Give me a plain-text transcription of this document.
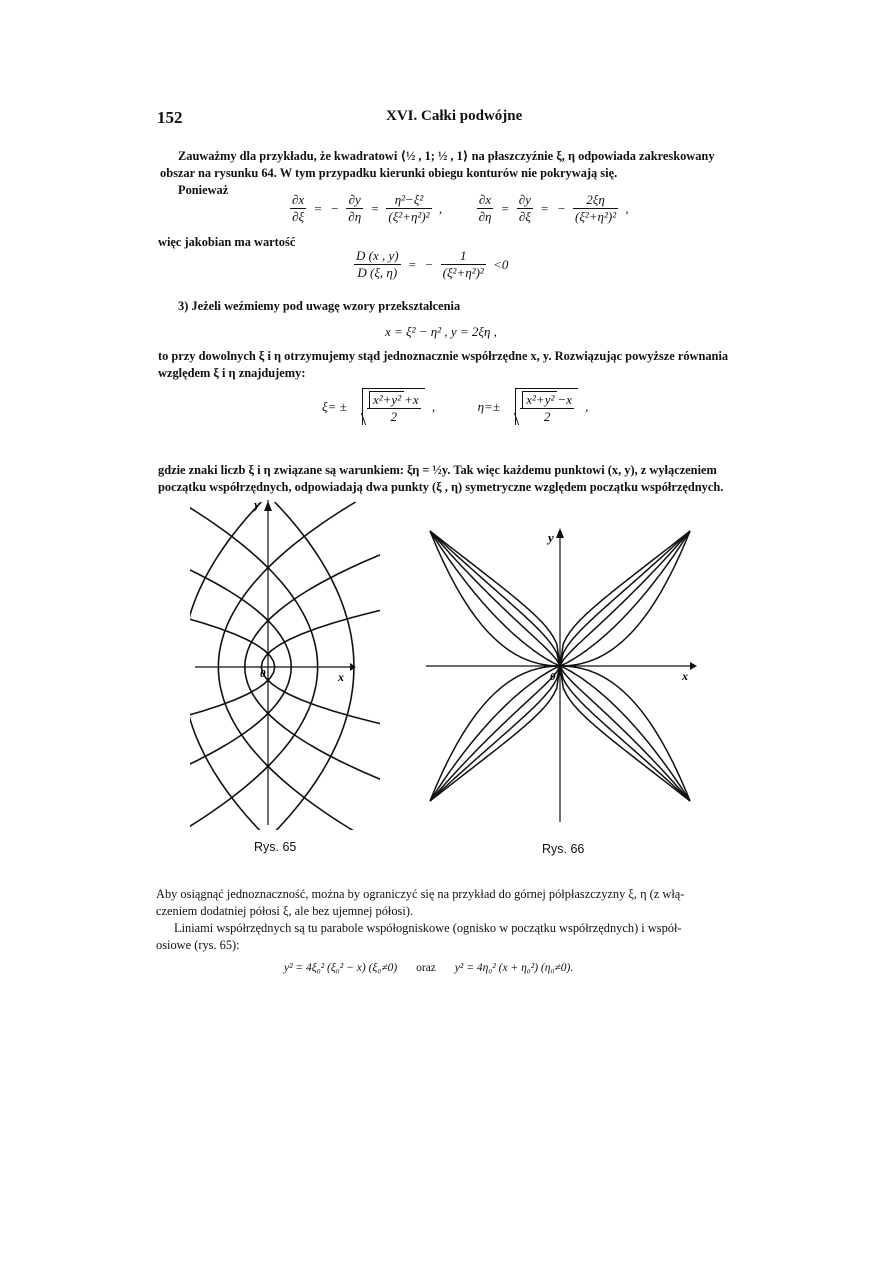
152	XVI. Całki podwójne
Zauważmy dla przykładu, że kwadratowi ⟨½ , 1; ½ , 1⟩ na płaszczyźnie ξ, η odpowiada zakreskowany
obszar na rysunku 64. W tym przypadku kierunki obiegu konturów nie pokrywają się.
Ponieważ
$\frac{\partial x}{\partial\xi}$ = − $\frac{\partial y}{\partial\eta} = \frac{\text{η²−ξ²}}{\text{(ξ²+η²)²}}$ ,	$\frac{\partial x}{\partial\eta} = \frac{\partial y}{\partial\xi}$ = − $\frac{2\xi\eta}{\text{(ξ²+η²)²}}$ ,
więc jakobian ma wartość
$\frac{D (x , y)}{D (\xi, \eta)}$ = − $\frac{1}{\text{(ξ²+η²)²}} <0$
3) Jeżeli weźmiemy pod uwagę wzory przekształcenia
x = ξ² − η² , y = 2ξη ,
to przy dowolnych ξ i η otrzymujemy stąd jednoznacznie współrzędne x, y. Rozwiązując powyższe równania
względem ξ i η znajdujemy:
$\xi= \pm \frac{\text{x²+y² +x}}{2}$ ,	$\eta=\pm \frac{\text{x²+y² −x}}{2}$ ,
gdzie znaki liczb ξ i η związane są warunkiem: ξη = ½y. Tak więc każdemu punktowi (x, y), z wyłączeniem
początku współrzędnych, odpowiadają dwa punkty (ξ , η) symetryczne względem początku współrzędnych.
y
x
0
y
x
0
Rys. 65	Rys. 66
Aby osiągnąć jednoznaczność, można by ograniczyć się na przykład do górnej półpłaszczyzny ξ, η (z włą-
czeniem dodatniej półosi ξ, ale bez ujemnej półosi).
Liniami współrzędnych są tu parabole współogniskowe (ognisko w początku współrzędnych) i współ-
osiowe (rys. 65):
y² = 4ξ₀² (ξ₀² − x) (ξ₀≠0) oraz y² = 4η₀² (x + η₀²) (η₀≠0).
